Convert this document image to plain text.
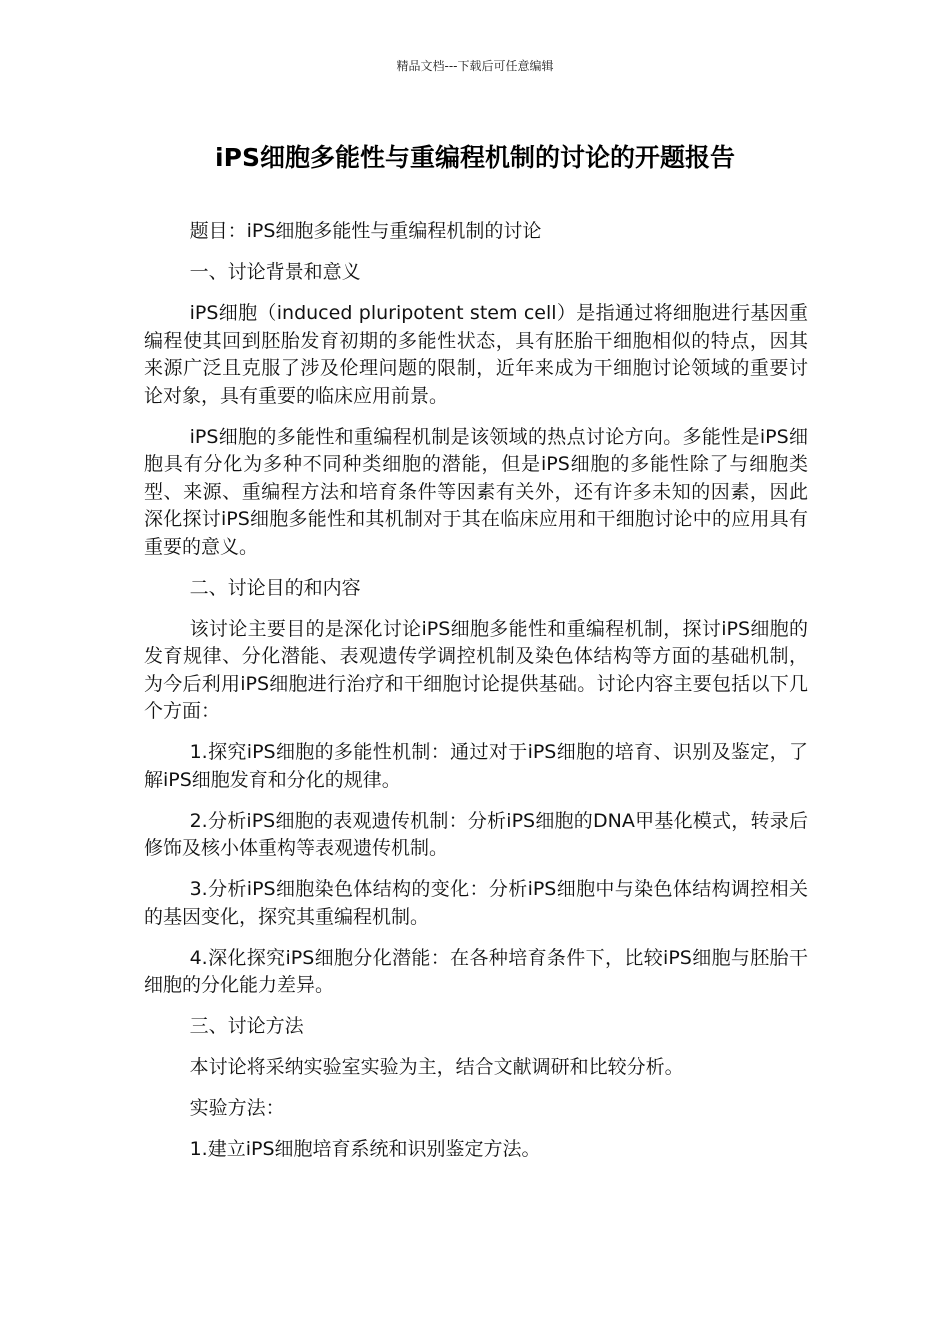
精品文档---下载后可任意编辑
iPS细胞多能性与重编程机制的讨论的开题报告

题目：iPS细胞多能性与重编程机制的讨论

一、讨论背景和意义

iPS细胞（induced pluripotent stem cell）是指通过将细胞进行基因重编程使其回到胚胎发育初期的多能性状态，具有胚胎干细胞相似的特点，因其来源广泛且克服了涉及伦理问题的限制，近年来成为干细胞讨论领域的重要讨论对象，具有重要的临床应用前景。

iPS细胞的多能性和重编程机制是该领域的热点讨论方向。多能性是iPS细胞具有分化为多种不同种类细胞的潜能，但是iPS细胞的多能性除了与细胞类型、来源、重编程方法和培育条件等因素有关外，还有许多未知的因素，因此深化探讨iPS细胞多能性和其机制对于其在临床应用和干细胞讨论中的应用具有重要的意义。

二、讨论目的和内容

该讨论主要目的是深化讨论iPS细胞多能性和重编程机制，探讨iPS细胞的发育规律、分化潜能、表观遗传学调控机制及染色体结构等方面的基础机制，为今后利用iPS细胞进行治疗和干细胞讨论提供基础。讨论内容主要包括以下几个方面：

1.探究iPS细胞的多能性机制：通过对于iPS细胞的培育、识别及鉴定，了解iPS细胞发育和分化的规律。

2.分析iPS细胞的表观遗传机制：分析iPS细胞的DNA甲基化模式，转录后修饰及核小体重构等表观遗传机制。

3.分析iPS细胞染色体结构的变化：分析iPS细胞中与染色体结构调控相关的基因变化，探究其重编程机制。

4.深化探究iPS细胞分化潜能：在各种培育条件下，比较iPS细胞与胚胎干细胞的分化能力差异。

三、讨论方法

本讨论将采纳实验室实验为主，结合文献调研和比较分析。

实验方法：

1.建立iPS细胞培育系统和识别鉴定方法。
